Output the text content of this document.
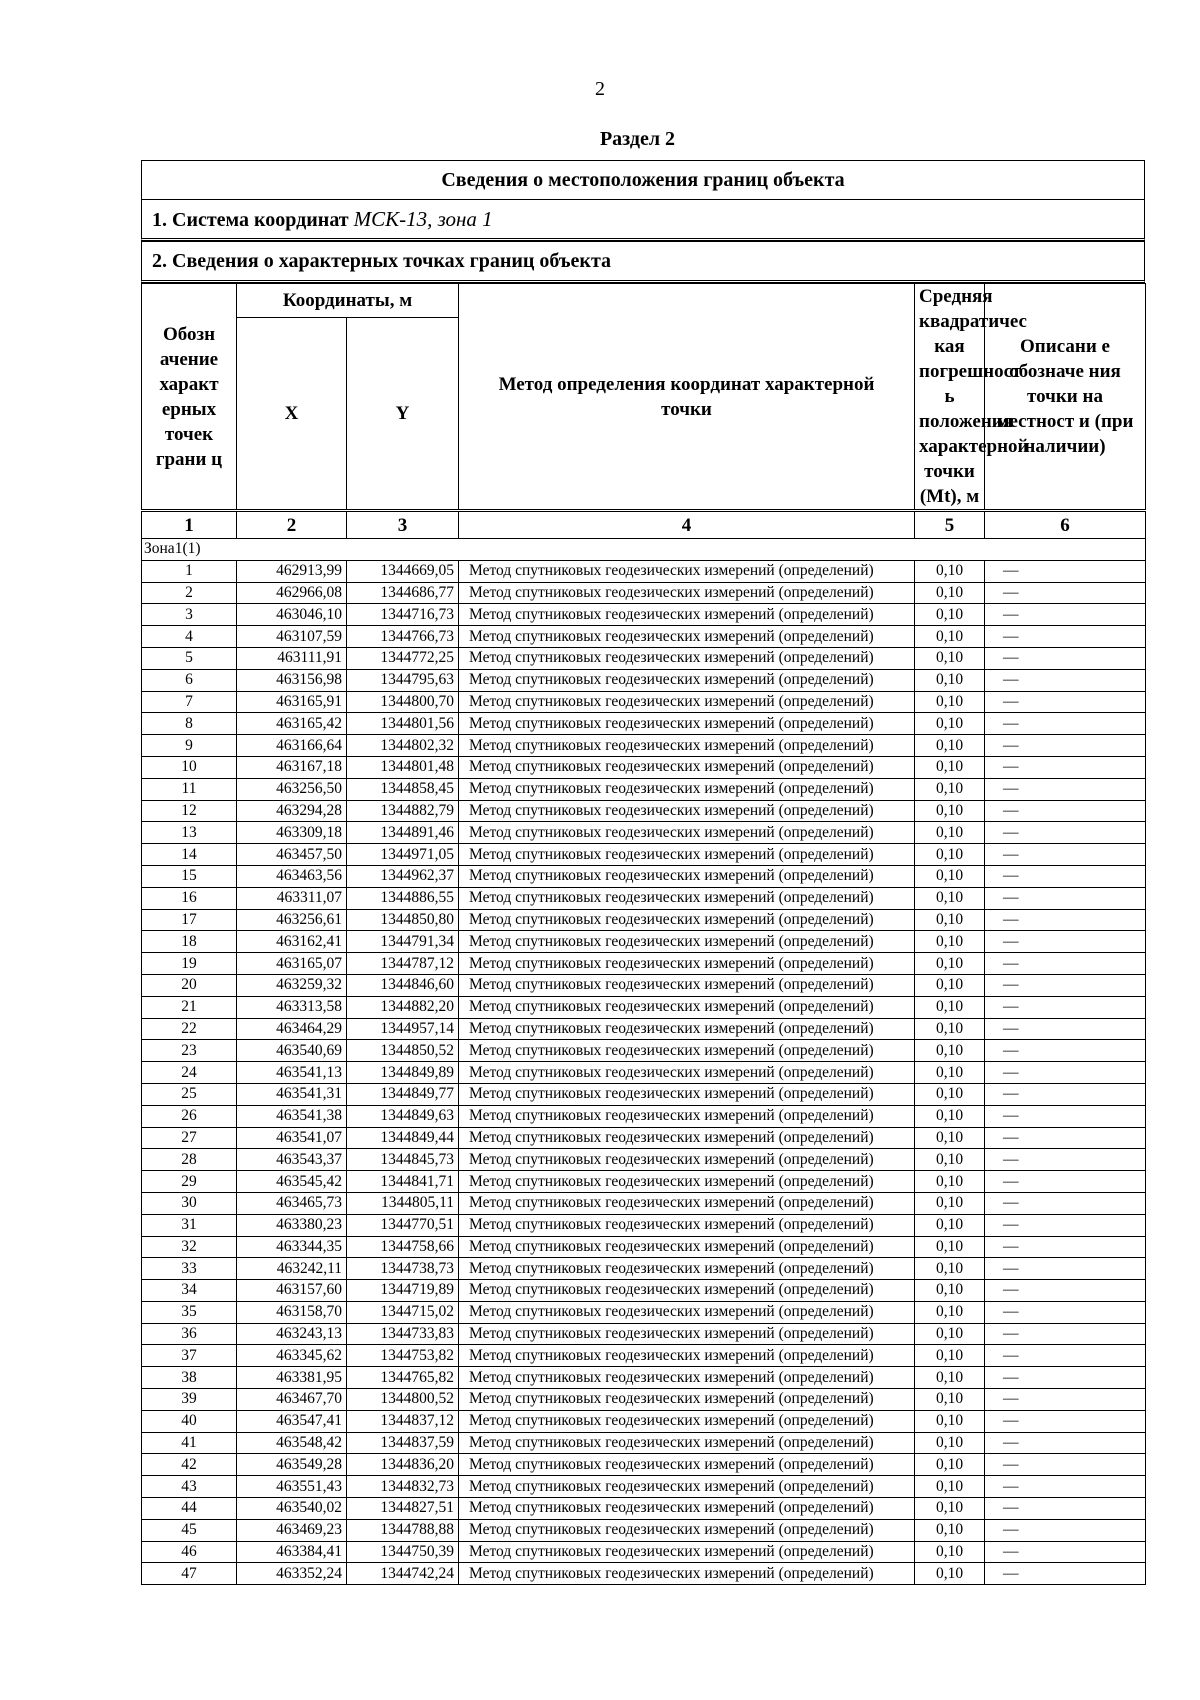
2
Раздел 2
Сведения о местоположения границ объекта
1. Система координат МСК-13, зона 1
2. Сведения о характерных точках границ объекта
Обозн ачение характ ерных точек грани ц	Координаты, м		Метод определения координат характерной точки	Средняя квадратичес кая погрешност ь положения характерной точки (Mt), м	Описани е обозначе ния точки на местност и (при наличии)
	X	Y			
1	2	3	4	5	6
Зона1(1)					
1	462913,99	1344669,05	Метод спутниковых геодезических измерений (определений)	0,10	—
2	462966,08	1344686,77	Метод спутниковых геодезических измерений (определений)	0,10	—
3	463046,10	1344716,73	Метод спутниковых геодезических измерений (определений)	0,10	—
4	463107,59	1344766,73	Метод спутниковых геодезических измерений (определений)	0,10	—
5	463111,91	1344772,25	Метод спутниковых геодезических измерений (определений)	0,10	—
6	463156,98	1344795,63	Метод спутниковых геодезических измерений (определений)	0,10	—
7	463165,91	1344800,70	Метод спутниковых геодезических измерений (определений)	0,10	—
8	463165,42	1344801,56	Метод спутниковых геодезических измерений (определений)	0,10	—
9	463166,64	1344802,32	Метод спутниковых геодезических измерений (определений)	0,10	—
10	463167,18	1344801,48	Метод спутниковых геодезических измерений (определений)	0,10	—
11	463256,50	1344858,45	Метод спутниковых геодезических измерений (определений)	0,10	—
12	463294,28	1344882,79	Метод спутниковых геодезических измерений (определений)	0,10	—
13	463309,18	1344891,46	Метод спутниковых геодезических измерений (определений)	0,10	—
14	463457,50	1344971,05	Метод спутниковых геодезических измерений (определений)	0,10	—
15	463463,56	1344962,37	Метод спутниковых геодезических измерений (определений)	0,10	—
16	463311,07	1344886,55	Метод спутниковых геодезических измерений (определений)	0,10	—
17	463256,61	1344850,80	Метод спутниковых геодезических измерений (определений)	0,10	—
18	463162,41	1344791,34	Метод спутниковых геодезических измерений (определений)	0,10	—
19	463165,07	1344787,12	Метод спутниковых геодезических измерений (определений)	0,10	—
20	463259,32	1344846,60	Метод спутниковых геодезических измерений (определений)	0,10	—
21	463313,58	1344882,20	Метод спутниковых геодезических измерений (определений)	0,10	—
22	463464,29	1344957,14	Метод спутниковых геодезических измерений (определений)	0,10	—
23	463540,69	1344850,52	Метод спутниковых геодезических измерений (определений)	0,10	—
24	463541,13	1344849,89	Метод спутниковых геодезических измерений (определений)	0,10	—
25	463541,31	1344849,77	Метод спутниковых геодезических измерений (определений)	0,10	—
26	463541,38	1344849,63	Метод спутниковых геодезических измерений (определений)	0,10	—
27	463541,07	1344849,44	Метод спутниковых геодезических измерений (определений)	0,10	—
28	463543,37	1344845,73	Метод спутниковых геодезических измерений (определений)	0,10	—
29	463545,42	1344841,71	Метод спутниковых геодезических измерений (определений)	0,10	—
30	463465,73	1344805,11	Метод спутниковых геодезических измерений (определений)	0,10	—
31	463380,23	1344770,51	Метод спутниковых геодезических измерений (определений)	0,10	—
32	463344,35	1344758,66	Метод спутниковых геодезических измерений (определений)	0,10	—
33	463242,11	1344738,73	Метод спутниковых геодезических измерений (определений)	0,10	—
34	463157,60	1344719,89	Метод спутниковых геодезических измерений (определений)	0,10	—
35	463158,70	1344715,02	Метод спутниковых геодезических измерений (определений)	0,10	—
36	463243,13	1344733,83	Метод спутниковых геодезических измерений (определений)	0,10	—
37	463345,62	1344753,82	Метод спутниковых геодезических измерений (определений)	0,10	—
38	463381,95	1344765,82	Метод спутниковых геодезических измерений (определений)	0,10	—
39	463467,70	1344800,52	Метод спутниковых геодезических измерений (определений)	0,10	—
40	463547,41	1344837,12	Метод спутниковых геодезических измерений (определений)	0,10	—
41	463548,42	1344837,59	Метод спутниковых геодезических измерений (определений)	0,10	—
42	463549,28	1344836,20	Метод спутниковых геодезических измерений (определений)	0,10	—
43	463551,43	1344832,73	Метод спутниковых геодезических измерений (определений)	0,10	—
44	463540,02	1344827,51	Метод спутниковых геодезических измерений (определений)	0,10	—
45	463469,23	1344788,88	Метод спутниковых геодезических измерений (определений)	0,10	—
46	463384,41	1344750,39	Метод спутниковых геодезических измерений (определений)	0,10	—
47	463352,24	1344742,24	Метод спутниковых геодезических измерений (определений)	0,10	—
